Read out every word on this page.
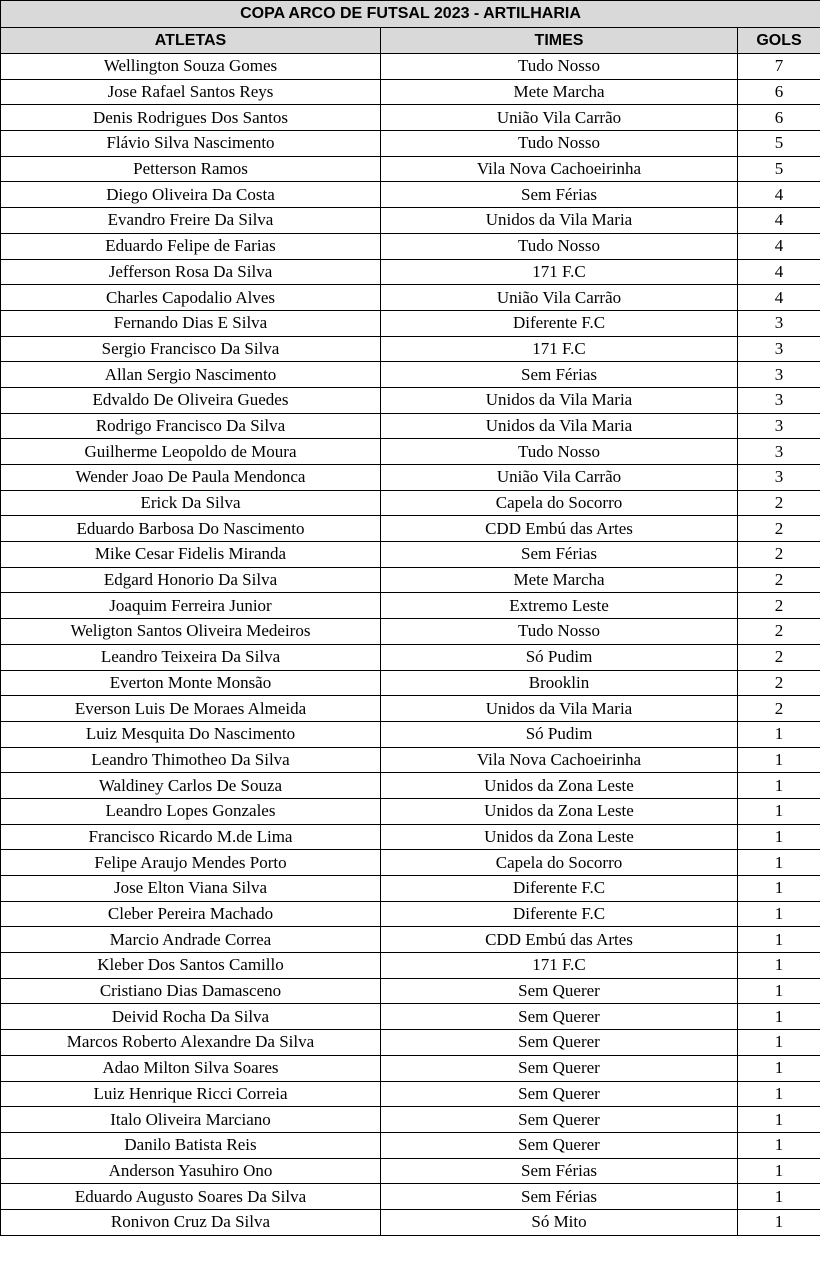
COPA ARCO DE FUTSAL 2023 - ARTILHARIA		
ATLETAS	TIMES	GOLS
Wellington Souza Gomes	Tudo Nosso	7
Jose Rafael Santos Reys	Mete Marcha	6
Denis Rodrigues Dos Santos	União Vila Carrão	6
Flávio Silva Nascimento	Tudo Nosso	5
Petterson Ramos	Vila Nova Cachoeirinha	5
Diego Oliveira Da Costa	Sem Férias	4
Evandro Freire Da Silva	Unidos da Vila Maria	4
Eduardo Felipe de Farias	Tudo Nosso	4
Jefferson Rosa Da Silva	171 F.C	4
Charles Capodalio Alves	União Vila Carrão	4
Fernando Dias E Silva	Diferente F.C	3
Sergio Francisco Da Silva	171 F.C	3
Allan Sergio Nascimento	Sem Férias	3
Edvaldo De Oliveira Guedes	Unidos da Vila Maria	3
Rodrigo Francisco Da Silva	Unidos da Vila Maria	3
Guilherme Leopoldo de Moura	Tudo Nosso	3
Wender Joao De Paula Mendonca	União Vila Carrão	3
Erick Da Silva	Capela do Socorro	2
Eduardo Barbosa Do Nascimento	CDD Embú das Artes	2
Mike Cesar Fidelis Miranda	Sem Férias	2
Edgard Honorio Da Silva	Mete Marcha	2
Joaquim Ferreira Junior	Extremo Leste	2
Weligton Santos Oliveira Medeiros	Tudo Nosso	2
Leandro Teixeira Da Silva	Só Pudim	2
Everton Monte Monsão	Brooklin	2
Everson Luis De Moraes Almeida	Unidos da Vila Maria	2
Luiz Mesquita Do Nascimento	Só Pudim	1
Leandro Thimotheo Da Silva	Vila Nova Cachoeirinha	1
Waldiney Carlos De Souza	Unidos da Zona Leste	1
Leandro Lopes Gonzales	Unidos da Zona Leste	1
Francisco Ricardo M.de Lima	Unidos da Zona Leste	1
Felipe Araujo Mendes Porto	Capela do Socorro	1
Jose Elton Viana Silva	Diferente F.C	1
Cleber Pereira Machado	Diferente F.C	1
Marcio Andrade Correa	CDD Embú das Artes	1
Kleber Dos Santos Camillo	171 F.C	1
Cristiano Dias Damasceno	Sem Querer	1
Deivid Rocha Da Silva	Sem Querer	1
Marcos Roberto Alexandre Da Silva	Sem Querer	1
Adao Milton Silva Soares	Sem Querer	1
Luiz Henrique Ricci Correia	Sem Querer	1
Italo Oliveira Marciano	Sem Querer	1
Danilo Batista Reis	Sem Querer	1
Anderson Yasuhiro Ono	Sem Férias	1
Eduardo Augusto Soares Da Silva	Sem Férias	1
Ronivon Cruz Da Silva	Só Mito	1
